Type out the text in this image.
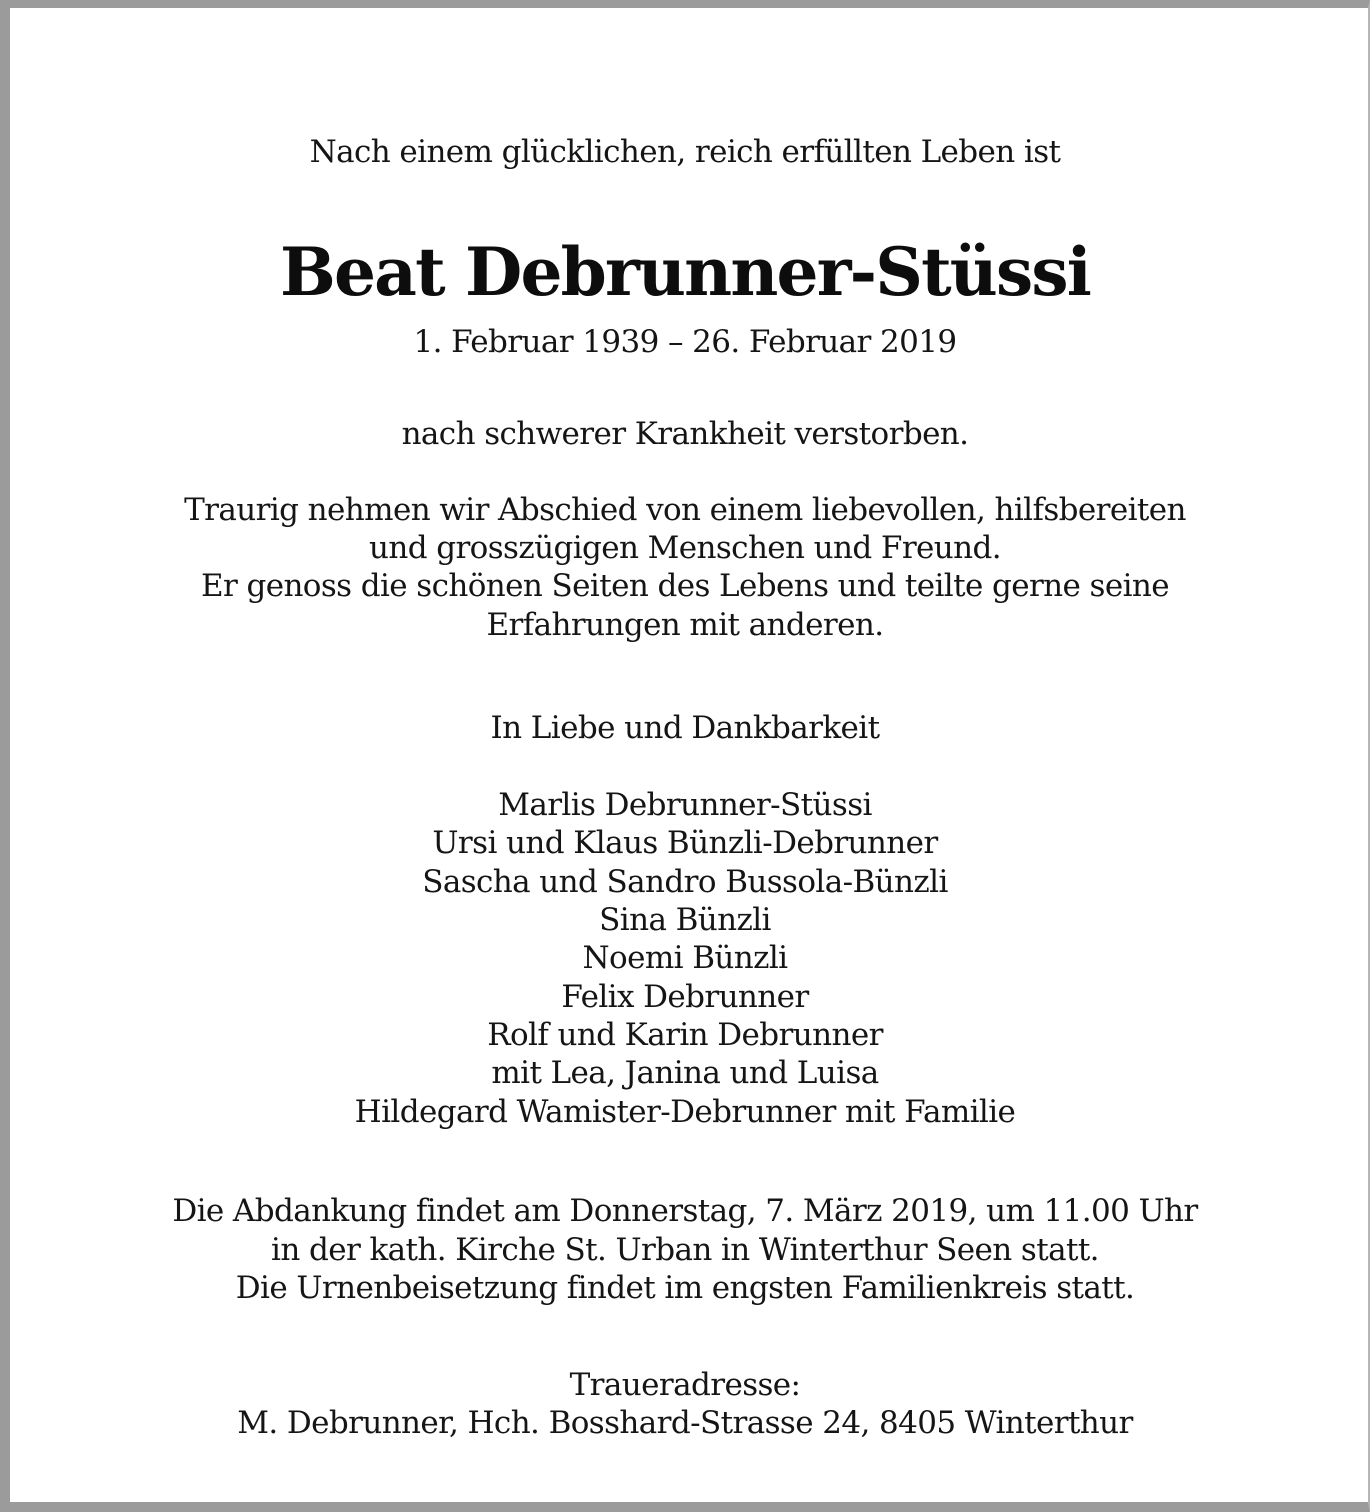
Nach einem glücklichen, reich erfüllten Leben ist
Beat Debrunner-Stüssi
1. Februar 1939 – 26. Februar 2019
nach schwerer Krankheit verstorben.
Traurig nehmen wir Abschied von einem liebevollen, hilfsbereiten
und grosszügigen Menschen und Freund.
Er genoss die schönen Seiten des Lebens und teilte gerne seine
Erfahrungen mit anderen.
In Liebe und Dankbarkeit
Marlis Debrunner-Stüssi
Ursi und Klaus Bünzli-Debrunner
Sascha und Sandro Bussola-Bünzli
Sina Bünzli
Noemi Bünzli
Felix Debrunner
Rolf und Karin Debrunner
mit Lea, Janina und Luisa
Hildegard Wamister-Debrunner mit Familie
Die Abdankung findet am Donnerstag, 7. März 2019, um 11.00 Uhr
in der kath. Kirche St. Urban in Winterthur Seen statt.
Die Urnenbeisetzung findet im engsten Familienkreis statt.
Traueradresse:
M. Debrunner, Hch. Bosshard-Strasse 24, 8405 Winterthur
